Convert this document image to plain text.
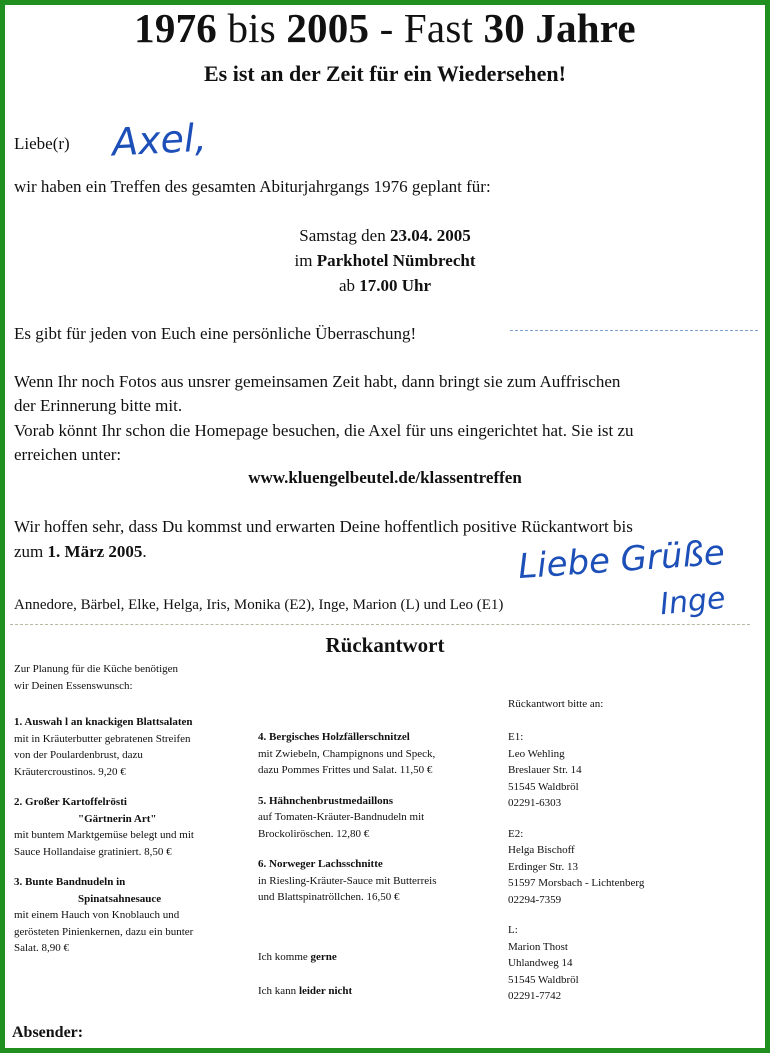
1976 bis 2005 - Fast 30 Jahre
Es ist an der Zeit für ein Wiedersehen!
Liebe(r) Axel,
wir haben ein Treffen des gesamten Abiturjahrgangs 1976 geplant für:
Samstag den 23.04. 2005
im Parkhotel Nümbrecht
ab 17.00 Uhr
Es gibt für jeden von Euch eine persönliche Überraschung!
Wenn Ihr noch Fotos aus unsrer gemeinsamen Zeit habt, dann bringt sie zum Auffrischen
der Erinnerung bitte mit.
Vorab könnt Ihr schon die Homepage besuchen, die Axel für uns eingerichtet hat. Sie ist zu
erreichen unter:
www.kluengelbeutel.de/klassentreffen
Wir hoffen sehr, dass Du kommst und erwarten Deine hoffentlich positive Rückantwort bis
zum 1. März 2005.	Liebe Grüße
Inge
Annedore, Bärbel, Elke, Helga, Iris, Monika (E2), Inge, Marion (L) und Leo (E1)
Rückantwort

Zur Planung für die Küche benötigen

wir Deinen Essenswunsch:

1. Auswah l an knackigen Blattsalaten

mit in Kräuterbutter gebratenen Streifen

von der Poulardenbrust, dazu

Kräutercroustinos. 9,20 €

2. Großer Kartoffelrösti

"Gärtnerin Art"

mit buntem Marktgemüse belegt und mit

Sauce Hollandaise gratiniert. 8,50 €

3. Bunte Bandnudeln in

Spinatsahnesauce

mit einem Hauch von Knoblauch und

gerösteten Pinienkernen, dazu ein bunter

Salat. 8,90 €

4. Bergisches Holzfällerschnitzel

mit Zwiebeln, Champignons und Speck,

dazu Pommes Frittes und Salat. 11,50 €

5. Hähnchenbrustmedaillons

auf Tomaten-Kräuter-Bandnudeln mit

Brockoliröschen. 12,80 €

6. Norweger Lachsschnitte

in Riesling-Kräuter-Sauce mit Butterreis

und Blattspinatröllchen. 16,50 €

Ich komme gerne
Ich kann leider nicht
Rückantwort bitte an:

E1:

Leo Wehling

Breslauer Str. 14

51545 Waldbröl

02291-6303

E2:

Helga Bischoff

Erdinger Str. 13

51597 Morsbach - Lichtenberg

02294-7359

L:

Marion Thost

Uhlandweg 14

51545 Waldbröl

02291-7742

Absender:
